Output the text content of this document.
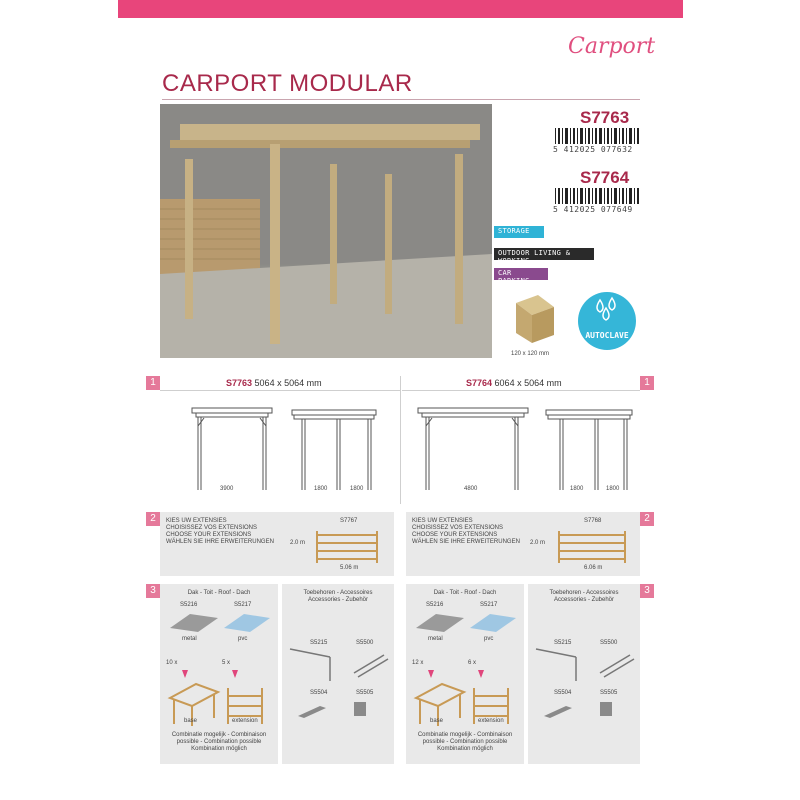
Carport
CARPORT MODULAR
S7763
5 412025 077632
S7764
5 412025 077649
STORAGE
OUTDOOR LIVING & WORKING
CAR PARKING
120 x 120 mm
AUTOCLAVE
1	1
S7763 5064 x 5064 mm	S7764 6064 x 5064 mm
3900	1800	1800	4800	1800	1800
2	2
KIES UW EXTENSIES
CHOISISSEZ VOS EXTENSIONS
CHOOSE YOUR EXTENSIONS
WÄHLEN SIE IHRE ERWEITERUNGEN
KIES UW EXTENSIES
CHOISISSEZ VOS EXTENSIONS
CHOOSE YOUR EXTENSIONS
WÄHLEN SIE IHRE ERWEITERUNGEN
S7767
2.0 m
5.06 m
S7768
2.0 m
6.06 m
3	3
Dak - Toit - Roof - Dach
S5216	S5217
metal	pvc
10 x	5 x
base	extension
Combinatie mogelijk - Combinaison
possible - Combination possible
Kombination möglich
Toebehoren - Accessoires
Accessories - Zubehör
S5215	S5500
S5504	S5505
Dak - Toit - Roof - Dach
S5216	S5217
metal	pvc
12 x	6 x
base	extension
Combinatie mogelijk - Combinaison
possible - Combination possible
Kombination möglich
Toebehoren - Accessoires
Accessories - Zubehör
S5215	S5500
S5504	S5505
